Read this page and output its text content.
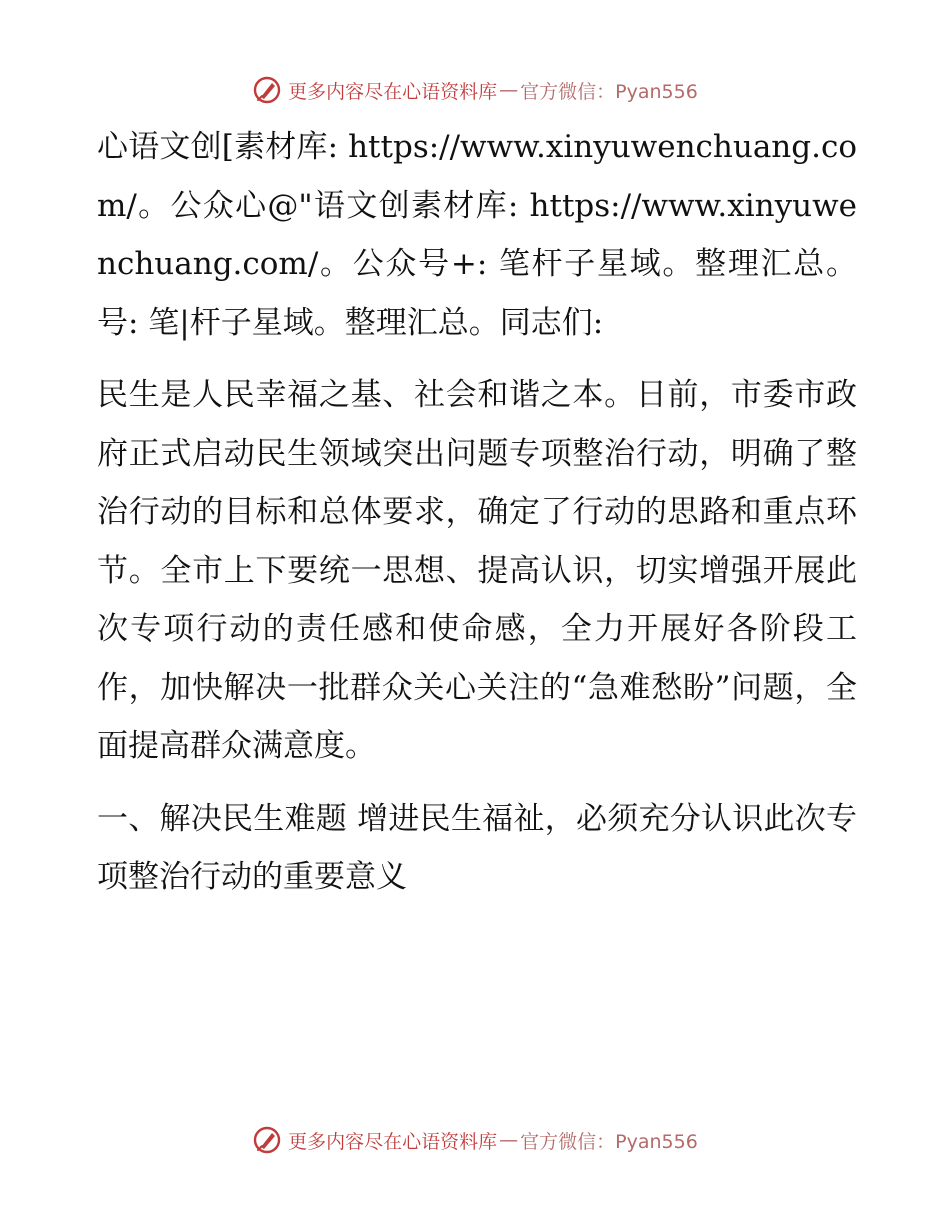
更多内容尽在心语资料库 — 官方微信：Pyan556

心语文创[素材库: https://www.xinyuwenchuang.com/。公众心@"语文创素材库: https://www.xinyuwenchuang.com/。公众号+: 笔杆子星域。整理汇总。号: 笔|杆子星域。整理汇总。同志们:

民生是人民幸福之基、社会和谐之本。日前，市委市政府正式启动民生领域突出问题专项整治行动，明确了整治行动的目标和总体要求，确定了行动的思路和重点环节。全市上下要统一思想、提高认识，切实增强开展此次专项行动的责任感和使命感，全力开展好各阶段工作，加快解决一批群众关心关注的“急难愁盼”问题，全面提高群众满意度。

一、解决民生难题 增进民生福祉，必须充分认识此次专项整治行动的重要意义

更多内容尽在心语资料库 — 官方微信：Pyan556
